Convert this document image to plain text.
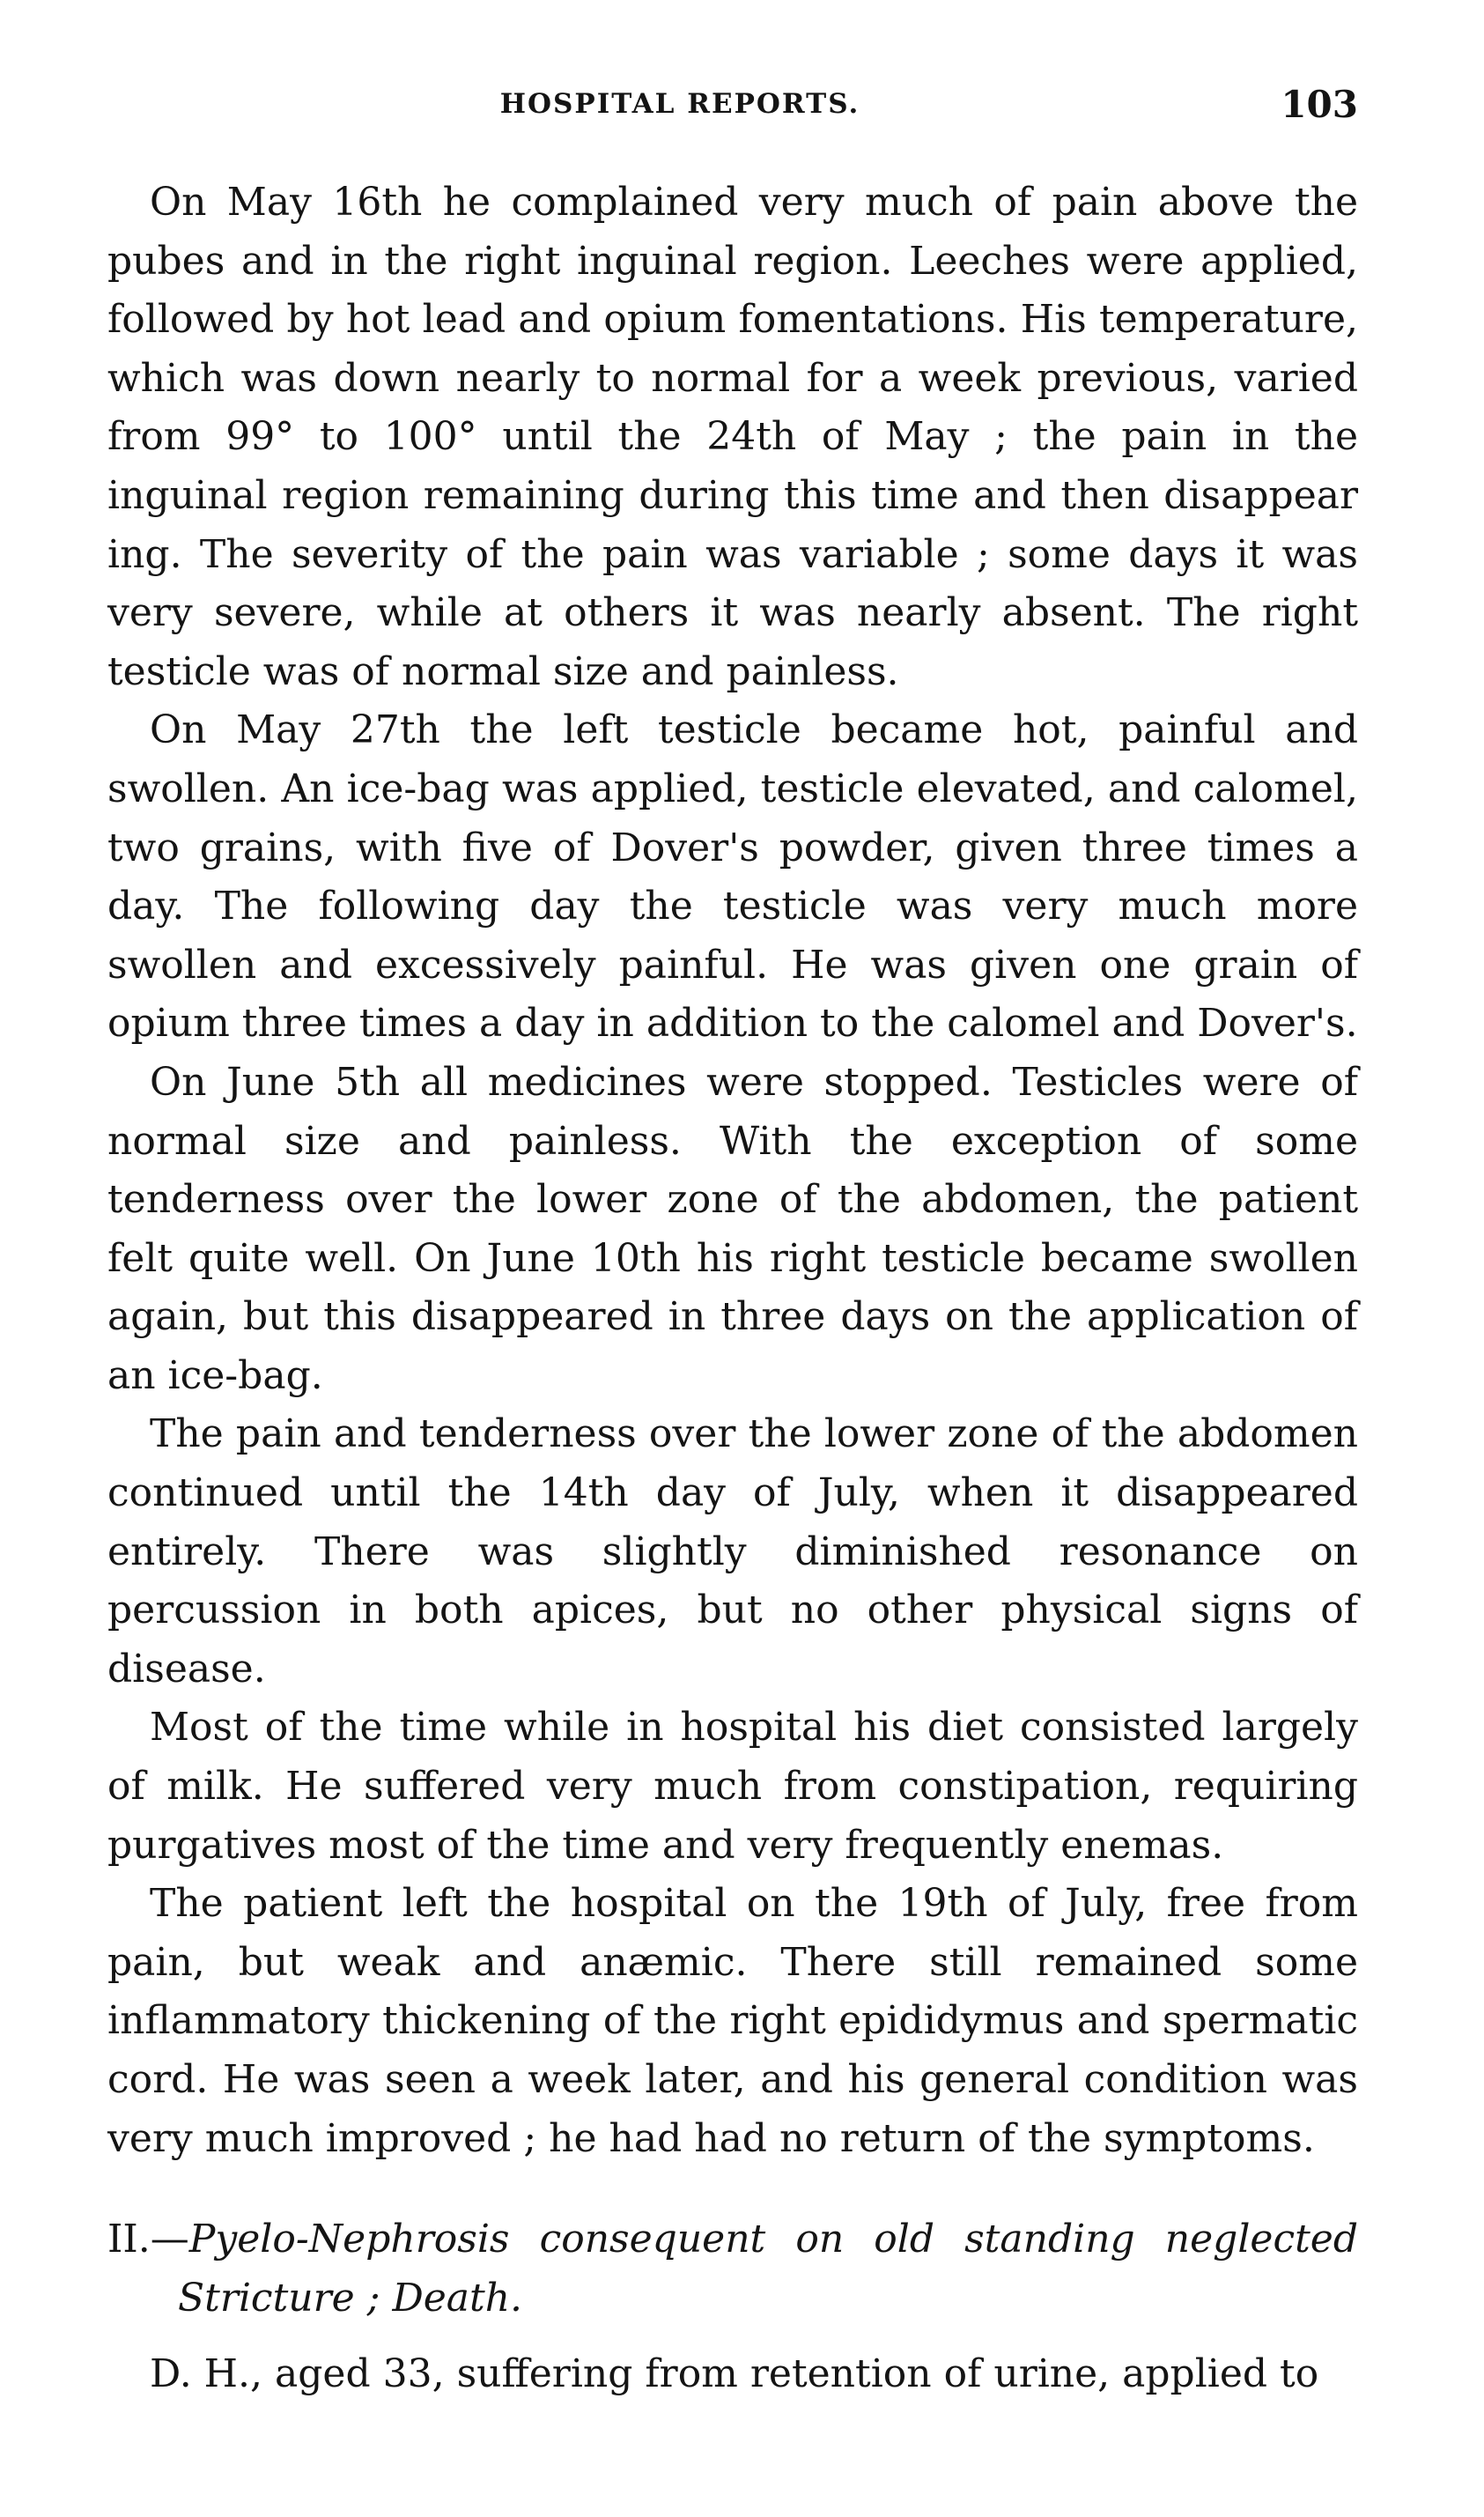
HOSPITAL REPORTS.	103

On May 16th he complained very much of pain above the pubes and in the right inguinal region. Leeches were applied, followed by hot lead and opium fomentations. His temperature, which was down nearly to normal for a week previous, varied from 99° to 100° until the 24th of May ; the pain in the inguinal region remaining during this time and then disappear ing. The severity of the pain was variable ; some days it was very severe, while at others it was nearly absent. The right testicle was of normal size and painless.

On May 27th the left testicle became hot, painful and swollen. An ice-bag was applied, testicle elevated, and calomel, two grains, with five of Dover's powder, given three times a day. The following day the testicle was very much more swollen and excessively painful. He was given one grain of opium three times a day in addition to the calomel and Dover's.

On June 5th all medicines were stopped. Testicles were of normal size and painless. With the exception of some tenderness over the lower zone of the abdomen, the patient felt quite well. On June 10th his right testicle became swollen again, but this disappeared in three days on the application of an ice-bag.

The pain and tenderness over the lower zone of the abdomen continued until the 14th day of July, when it disappeared entirely. There was slightly diminished resonance on percussion in both apices, but no other physical signs of disease.

Most of the time while in hospital his diet consisted largely of milk. He suffered very much from constipation, requiring purgatives most of the time and very frequently enemas.

The patient left the hospital on the 19th of July, free from pain, but weak and anæmic. There still remained some inflammatory thickening of the right epididymus and spermatic cord. He was seen a week later, and his general condition was very much improved ; he had had no return of the symptoms.

II.—Pyelo-Nephrosis consequent on old standing neglected Stricture ; Death.

D. H., aged 33, suffering from retention of urine, applied to
